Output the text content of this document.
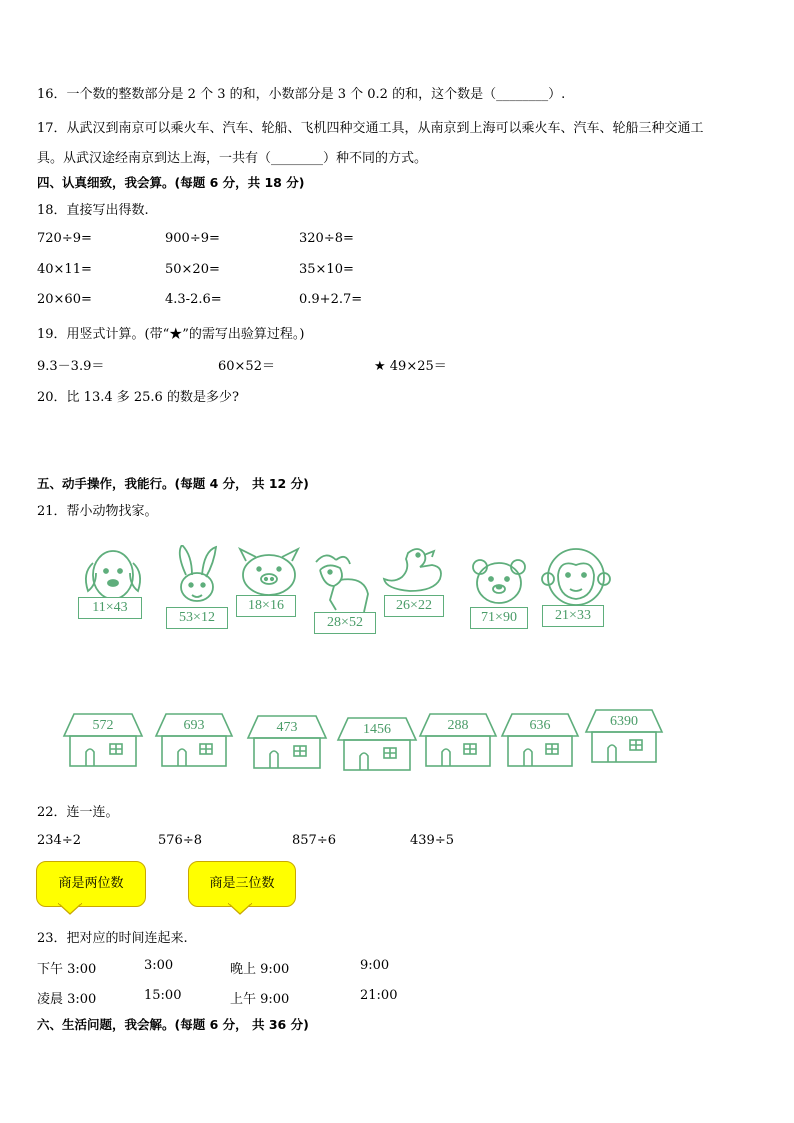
16．一个数的整数部分是 2 个 3 的和，小数部分是 3 个 0.2 的和，这个数是（________）.
17．从武汉到南京可以乘火车、汽车、轮船、飞机四种交通工具，从南京到上海可以乘火车、汽车、轮船三种交通工
具。从武汉途经南京到达上海，一共有（________）种不同的方式。
四、认真细致，我会算。(每题 6 分，共 18 分)
18．直接写出得数.
720÷9=	900÷9=	320÷8=
40×11=	50×20=	35×10=
20×60=	4.3-2.6=	0.9+2.7=
19．用竖式计算。(带“★”的需写出验算过程。)
9.3－3.9＝	60×52＝	★ 49×25＝
20．比 13.4 多 25.6 的数是多少?
五、动手操作，我能行。(每题 4 分， 共 12 分)
21．帮小动物找家。
11×43
53×12
18×16
28×52
26×22
71×90	21×33
572	693	473	1456	288	636	6390
22．连一连。
234÷2	576÷8	857÷6	439÷5
商是两位数	商是三位数
23．把对应的时间连起来.
下午 3:00	3:00	晚上 9:00	9:00
凌晨 3:00	15:00	上午 9:00	21:00
六、生活问题，我会解。(每题 6 分， 共 36 分)
